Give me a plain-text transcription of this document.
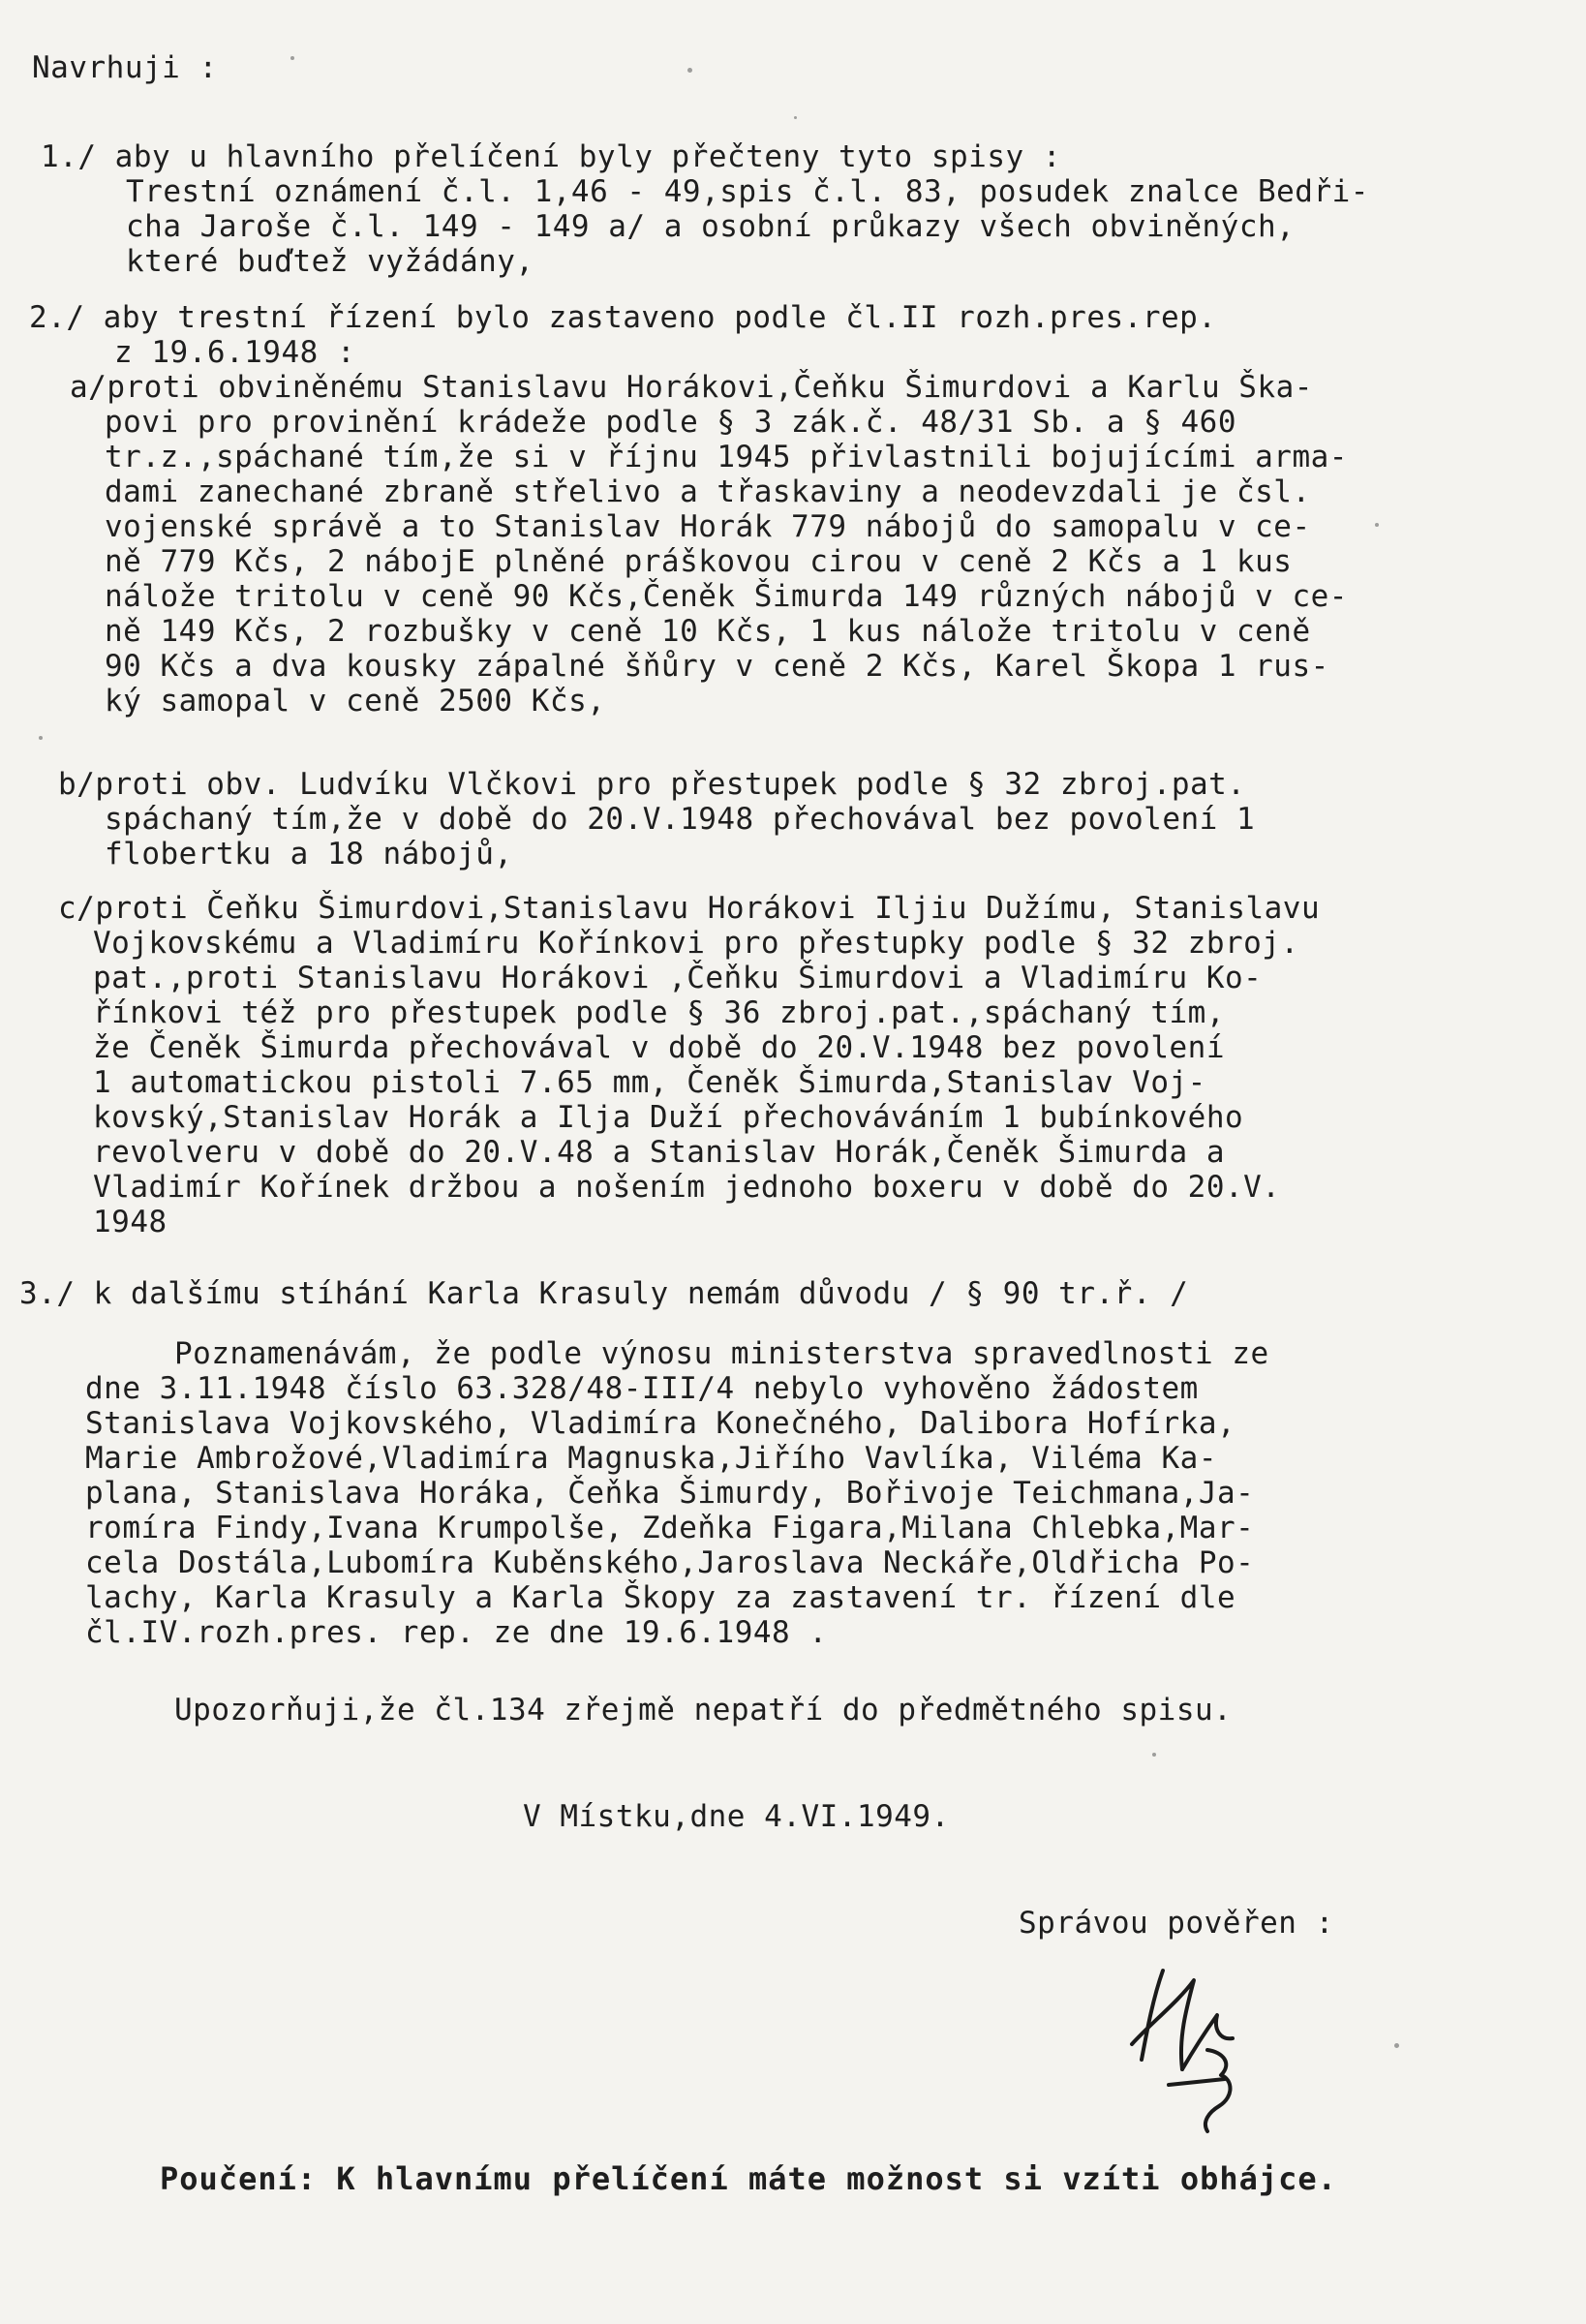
Navrhuji :
1./ aby u hlavního přelíčení byly přečteny tyto spisy :
Trestní oznámení č.l. 1,46 - 49,spis č.l. 83, posudek znalce Bedři-
cha Jaroše č.l. 149 - 149 a/ a osobní průkazy všech obviněných,
které buďtež vyžádány,
2./ aby trestní řízení bylo zastaveno podle čl.II rozh.pres.rep.
z 19.6.1948 :
a/proti obviněnému Stanislavu Horákovi,Čeňku Šimurdovi a Karlu Ška-
povi pro provinění krádeže podle § 3 zák.č. 48/31 Sb. a § 460
tr.z.,spáchané tím,že si v říjnu 1945 přivlastnili bojujícími arma-
dami zanechané zbraně střelivo a třaskaviny a neodevzdali je čsl.
vojenské správě a to Stanislav Horák 779 nábojů do samopalu v ce-
ně 779 Kčs, 2 nábojE plněné práškovou cirou v ceně 2 Kčs a 1 kus
nálože tritolu v ceně 90 Kčs,Čeněk Šimurda 149 různých nábojů v ce-
ně 149 Kčs, 2 rozbušky v ceně 10 Kčs, 1 kus nálože tritolu v ceně
90 Kčs a dva kousky zápalné šňůry v ceně 2 Kčs, Karel Škopa 1 rus-
ký samopal v ceně 2500 Kčs,
b/proti obv. Ludvíku Vlčkovi pro přestupek podle § 32 zbroj.pat.
spáchaný tím,že v době do 20.V.1948 přechovával bez povolení 1
flobertku a 18 nábojů,
c/proti Čeňku Šimurdovi,Stanislavu Horákovi Iljiu Dužímu, Stanislavu
Vojkovskému a Vladimíru Kořínkovi pro přestupky podle § 32 zbroj.
pat.,proti Stanislavu Horákovi ,Čeňku Šimurdovi a Vladimíru Ko-
řínkovi též pro přestupek podle § 36 zbroj.pat.,spáchaný tím,
že Čeněk Šimurda přechovával v době do 20.V.1948 bez povolení
1 automatickou pistoli 7.65 mm, Čeněk Šimurda,Stanislav Voj-
kovský,Stanislav Horák a Ilja Duží přechováváním 1 bubínkového
revolveru v době do 20.V.48 a Stanislav Horák,Čeněk Šimurda a
Vladimír Kořínek držbou a nošením jednoho boxeru v době do 20.V.
1948
3./ k dalšímu stíhání Karla Krasuly nemám důvodu / § 90 tr.ř. /
Poznamenávám, že podle výnosu ministerstva spravedlnosti ze
dne 3.11.1948 číslo 63.328/48-III/4 nebylo vyhověno žádostem
Stanislava Vojkovského, Vladimíra Konečného, Dalibora Hofírka,
Marie Ambrožové,Vladimíra Magnuska,Jiřího Vavlíka, Viléma Ka-
plana, Stanislava Horáka, Čeňka Šimurdy, Bořivoje Teichmana,Ja-
romíra Findy,Ivana Krumpolše, Zdeňka Figara,Milana Chlebka,Mar-
cela Dostála,Lubomíra Kuběnského,Jaroslava Neckáře,Oldřicha Po-
lachy, Karla Krasuly a Karla Škopy za zastavení tr. řízení dle
čl.IV.rozh.pres. rep. ze dne 19.6.1948 .
Upozorňuji,že čl.134 zřejmě nepatří do předmětného spisu.
V Místku,dne 4.VI.1949.
Správou pověřen :
Poučení: K hlavnímu přelíčení máte možnost si vzíti obhájce.
